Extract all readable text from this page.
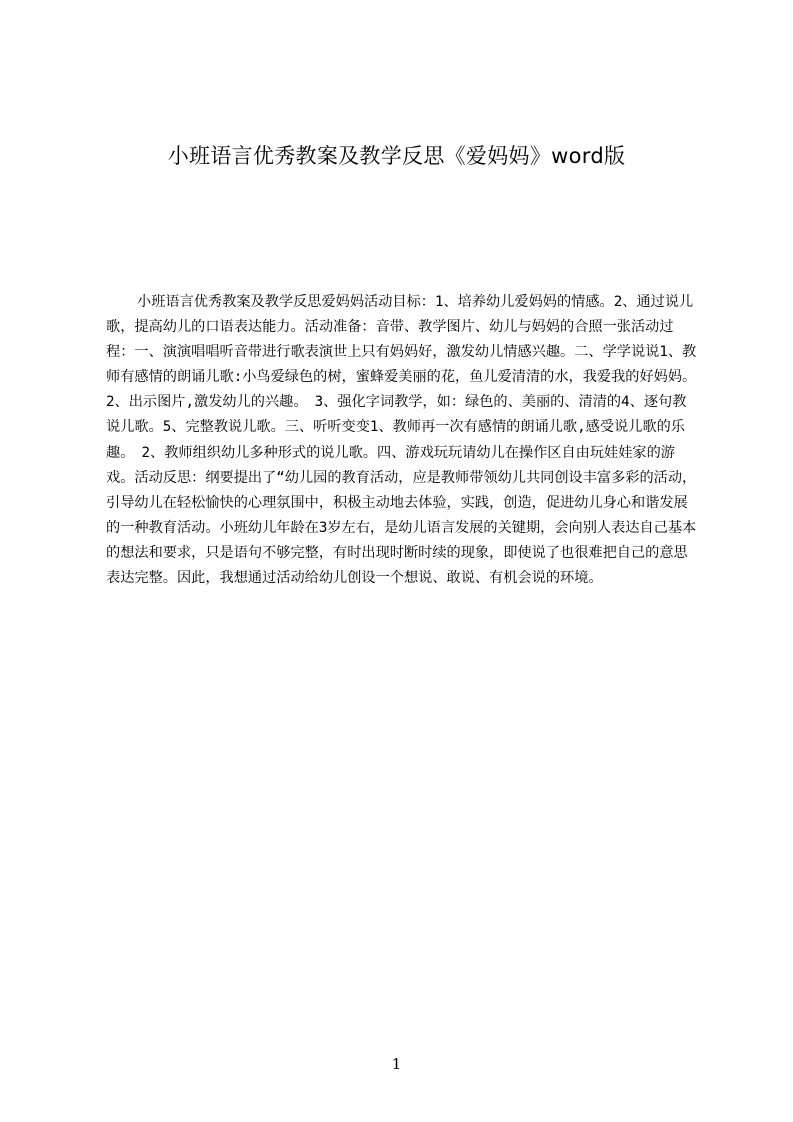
小班语言优秀教案及教学反思《爱妈妈》word版

小班语言优秀教案及教学反思爱妈妈活动目标：1、培养幼儿爱妈妈的情感。2、通过说儿歌，提高幼儿的口语表达能力。活动准备：音带、教学图片、幼儿与妈妈的合照一张活动过程：一、演演唱唱听音带进行歌表演世上只有妈妈好，激发幼儿情感兴趣。二、学学说说1、教师有感情的朗诵儿歌:小鸟爱绿色的树，蜜蜂爱美丽的花，鱼儿爱清清的水，我爱我的好妈妈。2、出示图片,激发幼儿的兴趣。　3、强化字词教学，如：绿色的、美丽的、清清的4、逐句教说儿歌。5、完整教说儿歌。三、听听变变1、教师再一次有感情的朗诵儿歌,感受说儿歌的乐趣。　2、教师组织幼儿多种形式的说儿歌。四、游戏玩玩请幼儿在操作区自由玩娃娃家的游戏。活动反思：纲要提出了“幼儿园的教育活动，应是教师带领幼儿共同创设丰富多彩的活动，引导幼儿在轻松愉快的心理氛围中，积极主动地去体验，实践，创造，促进幼儿身心和谐发展的一种教育活动。小班幼儿年龄在3岁左右，是幼儿语言发展的关键期，会向别人表达自己基本的想法和要求，只是语句不够完整，有时出现时断时续的现象，即使说了也很难把自己的意思表达完整。因此，我想通过活动给幼儿创设一个想说、敢说、有机会说的环境。

1
